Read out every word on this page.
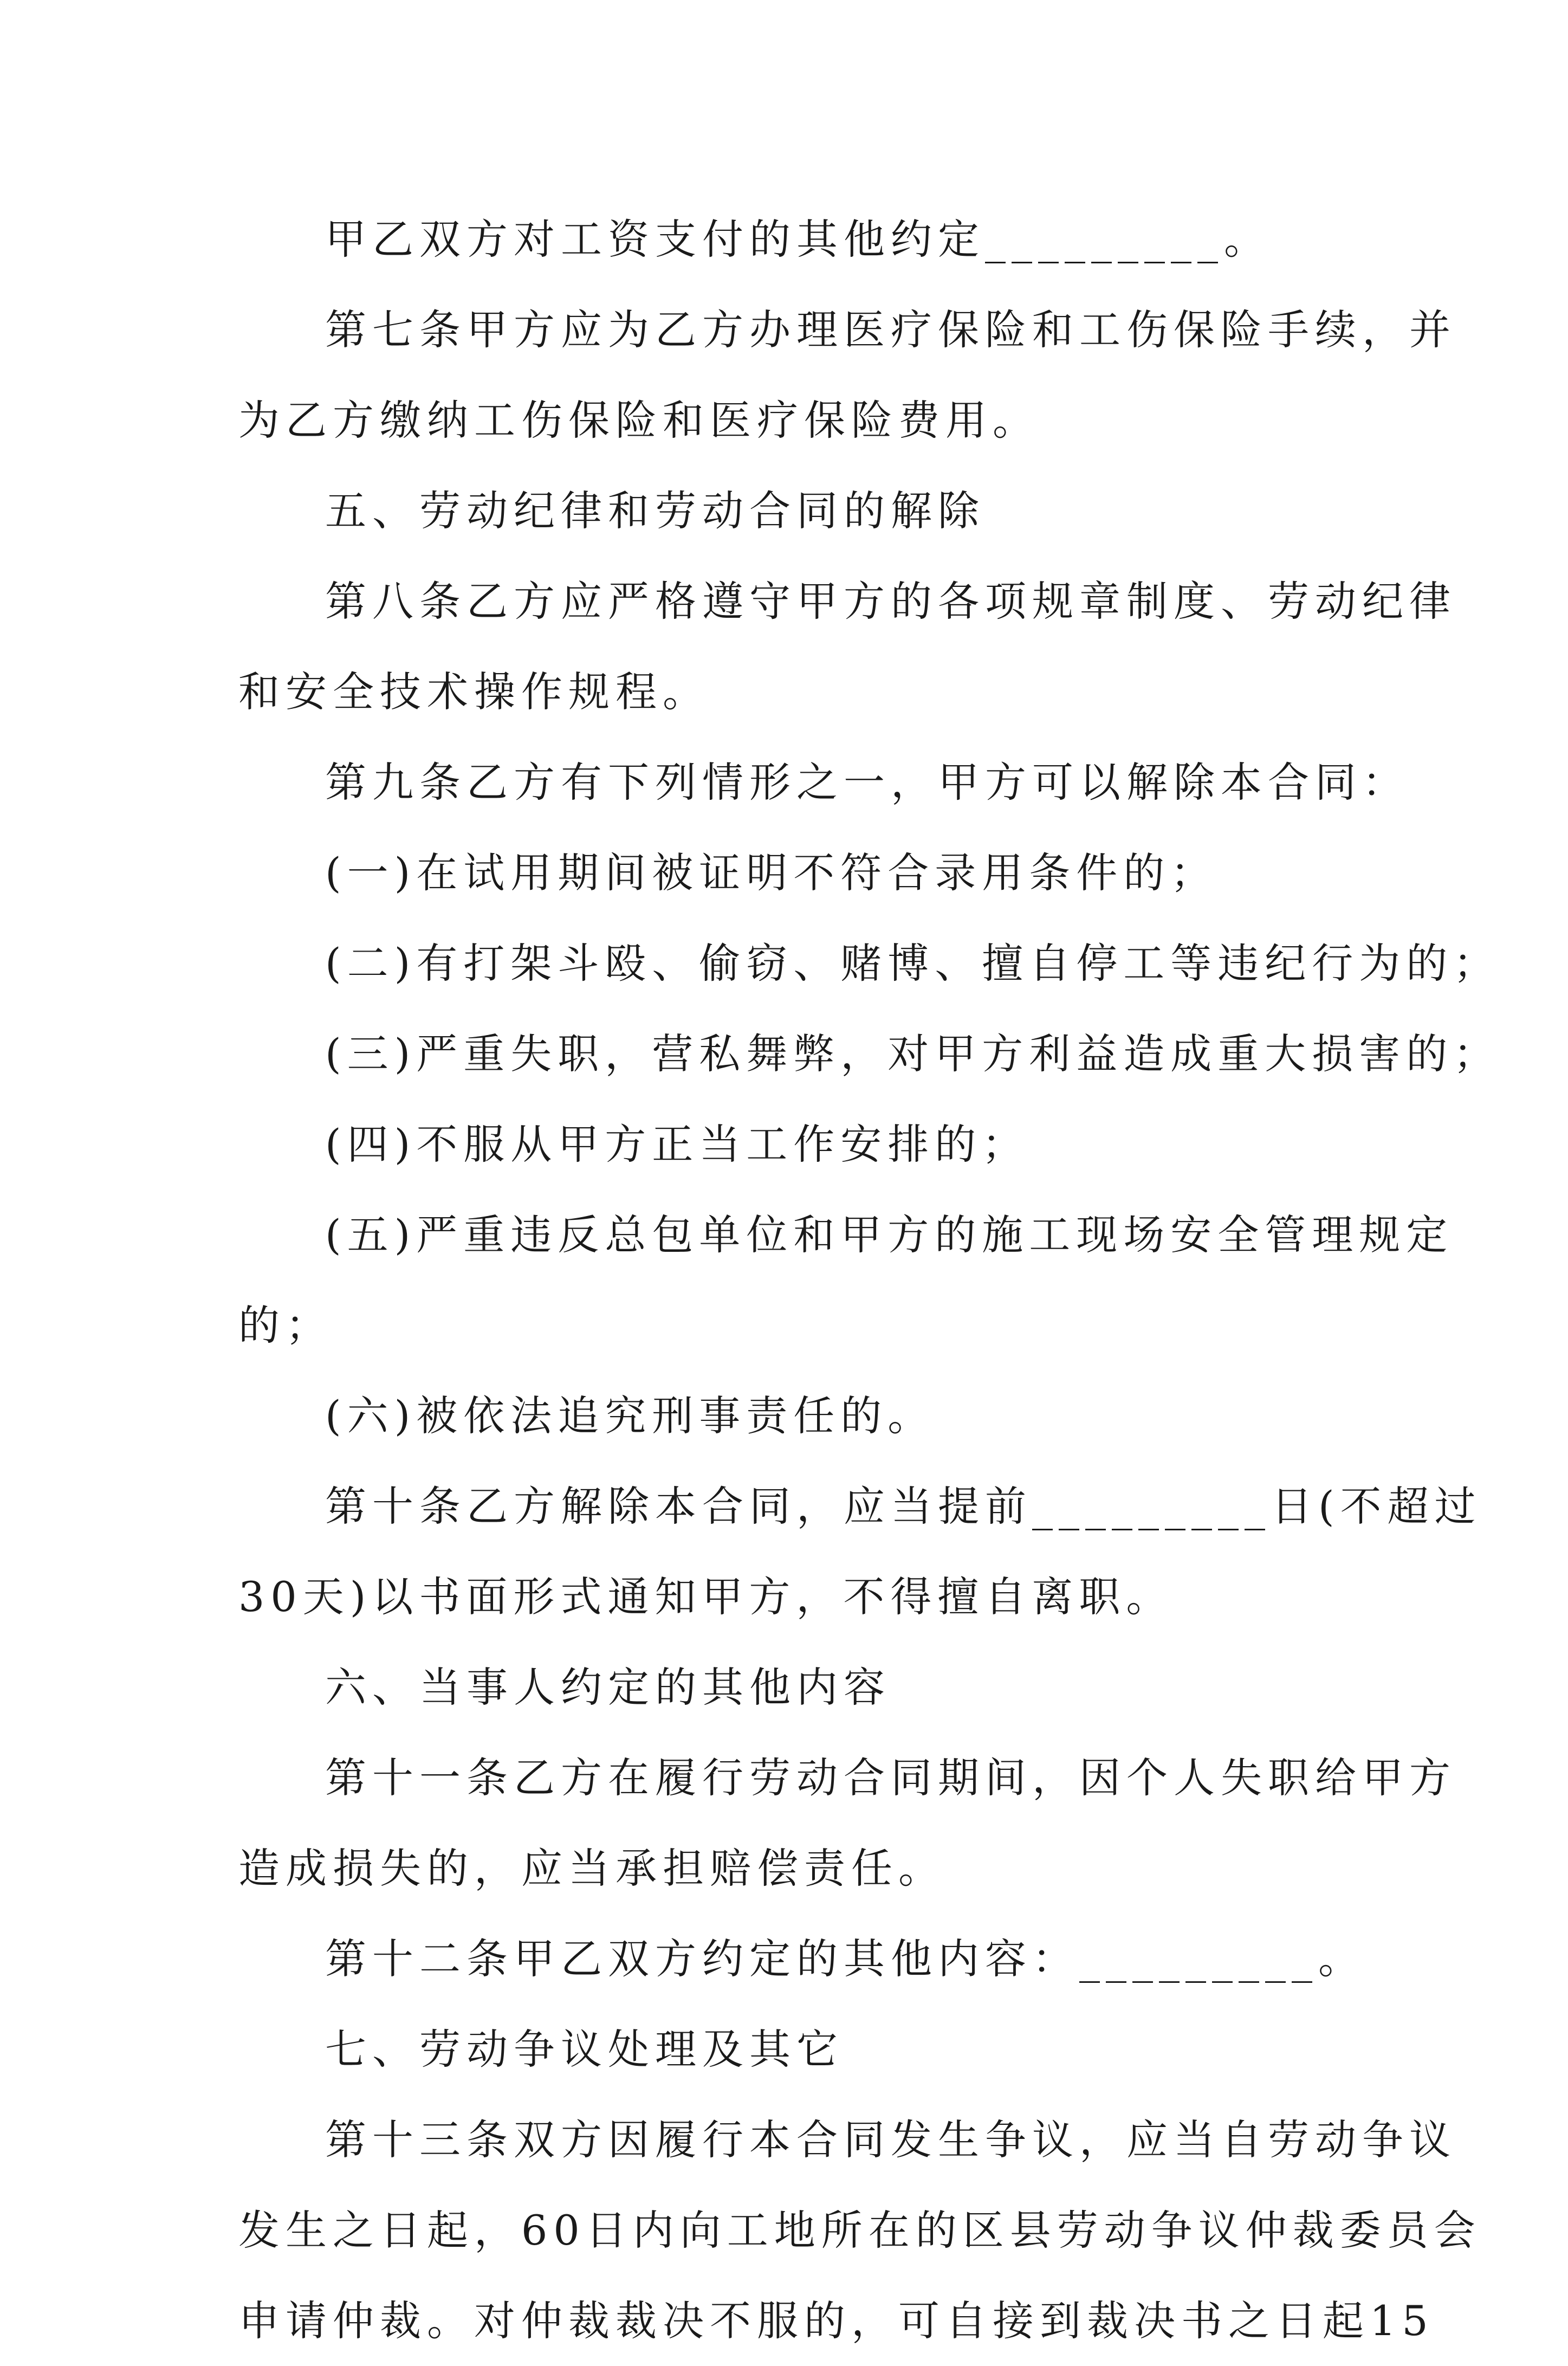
甲乙双方对工资支付的其他约定_________。
第七条甲方应为乙方办理医疗保险和工伤保险手续，并
为乙方缴纳工伤保险和医疗保险费用。
五、劳动纪律和劳动合同的解除
第八条乙方应严格遵守甲方的各项规章制度、劳动纪律
和安全技术操作规程。
第九条乙方有下列情形之一，甲方可以解除本合同：
(一)在试用期间被证明不符合录用条件的；
(二)有打架斗殴、偷窃、赌博、擅自停工等违纪行为的；
(三)严重失职，营私舞弊，对甲方利益造成重大损害的；
(四)不服从甲方正当工作安排的；
(五)严重违反总包单位和甲方的施工现场安全管理规定
的；
(六)被依法追究刑事责任的。
第十条乙方解除本合同，应当提前_________日(不超过
30天)以书面形式通知甲方，不得擅自离职。
六、当事人约定的其他内容
第十一条乙方在履行劳动合同期间，因个人失职给甲方
造成损失的，应当承担赔偿责任。
第十二条甲乙双方约定的其他内容：_________。
七、劳动争议处理及其它
第十三条双方因履行本合同发生争议，应当自劳动争议
发生之日起，60日内向工地所在的区县劳动争议仲裁委员会
申请仲裁。对仲裁裁决不服的，可自接到裁决书之日起15
